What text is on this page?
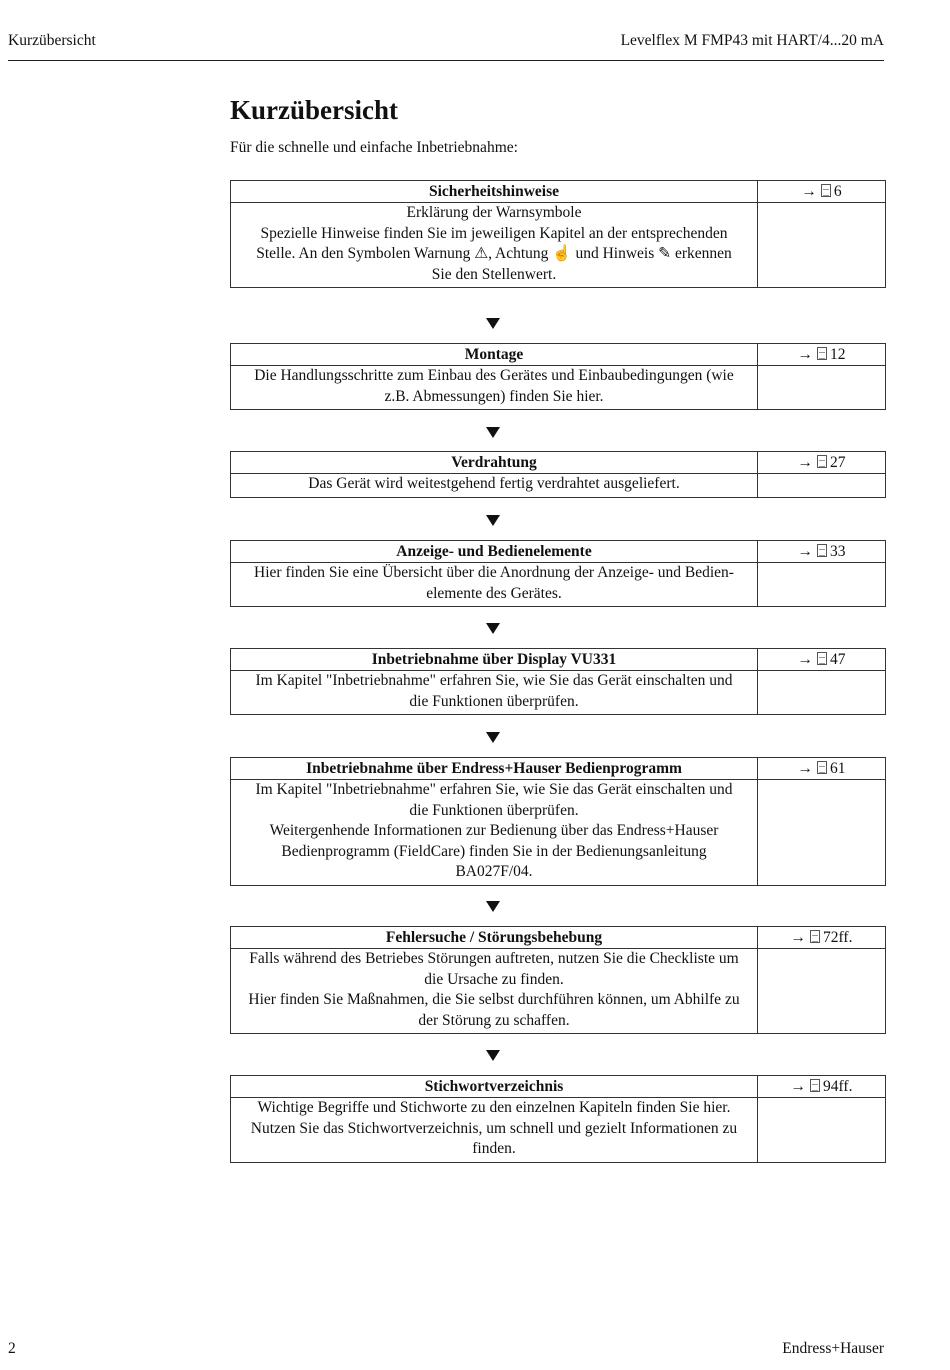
Kurzübersicht	Levelflex M FMP43 mit HART/4...20 mA
Kurzübersicht

Für die schnelle und einfache Inbetriebnahme:

Sicherheitshinweise	→ 6
Erklärung der Warnsymbole
Spezielle Hinweise finden Sie im jeweiligen Kapitel an der entsprechenden
Stelle. An den Symbolen Warnung ⚠, Achtung ☝ und Hinweis ✎ erkennen
Sie den Stellenwert.
Montage	→ 12
Die Handlungsschritte zum Einbau des Gerätes und Einbaubedingungen (wie
z.B. Abmessungen) finden Sie hier.
Verdrahtung	→ 27
Das Gerät wird weitestgehend fertig verdrahtet ausgeliefert.
Anzeige- und Bedienelemente	→ 33
Hier finden Sie eine Übersicht über die Anordnung der Anzeige- und Bedien-
elemente des Gerätes.
Inbetriebnahme über Display VU331	→ 47
Im Kapitel "Inbetriebnahme" erfahren Sie, wie Sie das Gerät einschalten und
die Funktionen überprüfen.
Inbetriebnahme über Endress+Hauser Bedienprogramm	→ 61
Im Kapitel "Inbetriebnahme" erfahren Sie, wie Sie das Gerät einschalten und
die Funktionen überprüfen.
Weitergenhende Informationen zur Bedienung über das Endress+Hauser
Bedienprogramm (FieldCare) finden Sie in der Bedienungsanleitung
BA027F/04.
Fehlersuche / Störungsbehebung	→ 72ff.
Falls während des Betriebes Störungen auftreten, nutzen Sie die Checkliste um
die Ursache zu finden.
Hier finden Sie Maßnahmen, die Sie selbst durchführen können, um Abhilfe zu
der Störung zu schaffen.
Stichwortverzeichnis	→ 94ff.
Wichtige Begriffe und Stichworte zu den einzelnen Kapiteln finden Sie hier.
Nutzen Sie das Stichwortverzeichnis, um schnell und gezielt Informationen zu
finden.
2	Endress+Hauser
